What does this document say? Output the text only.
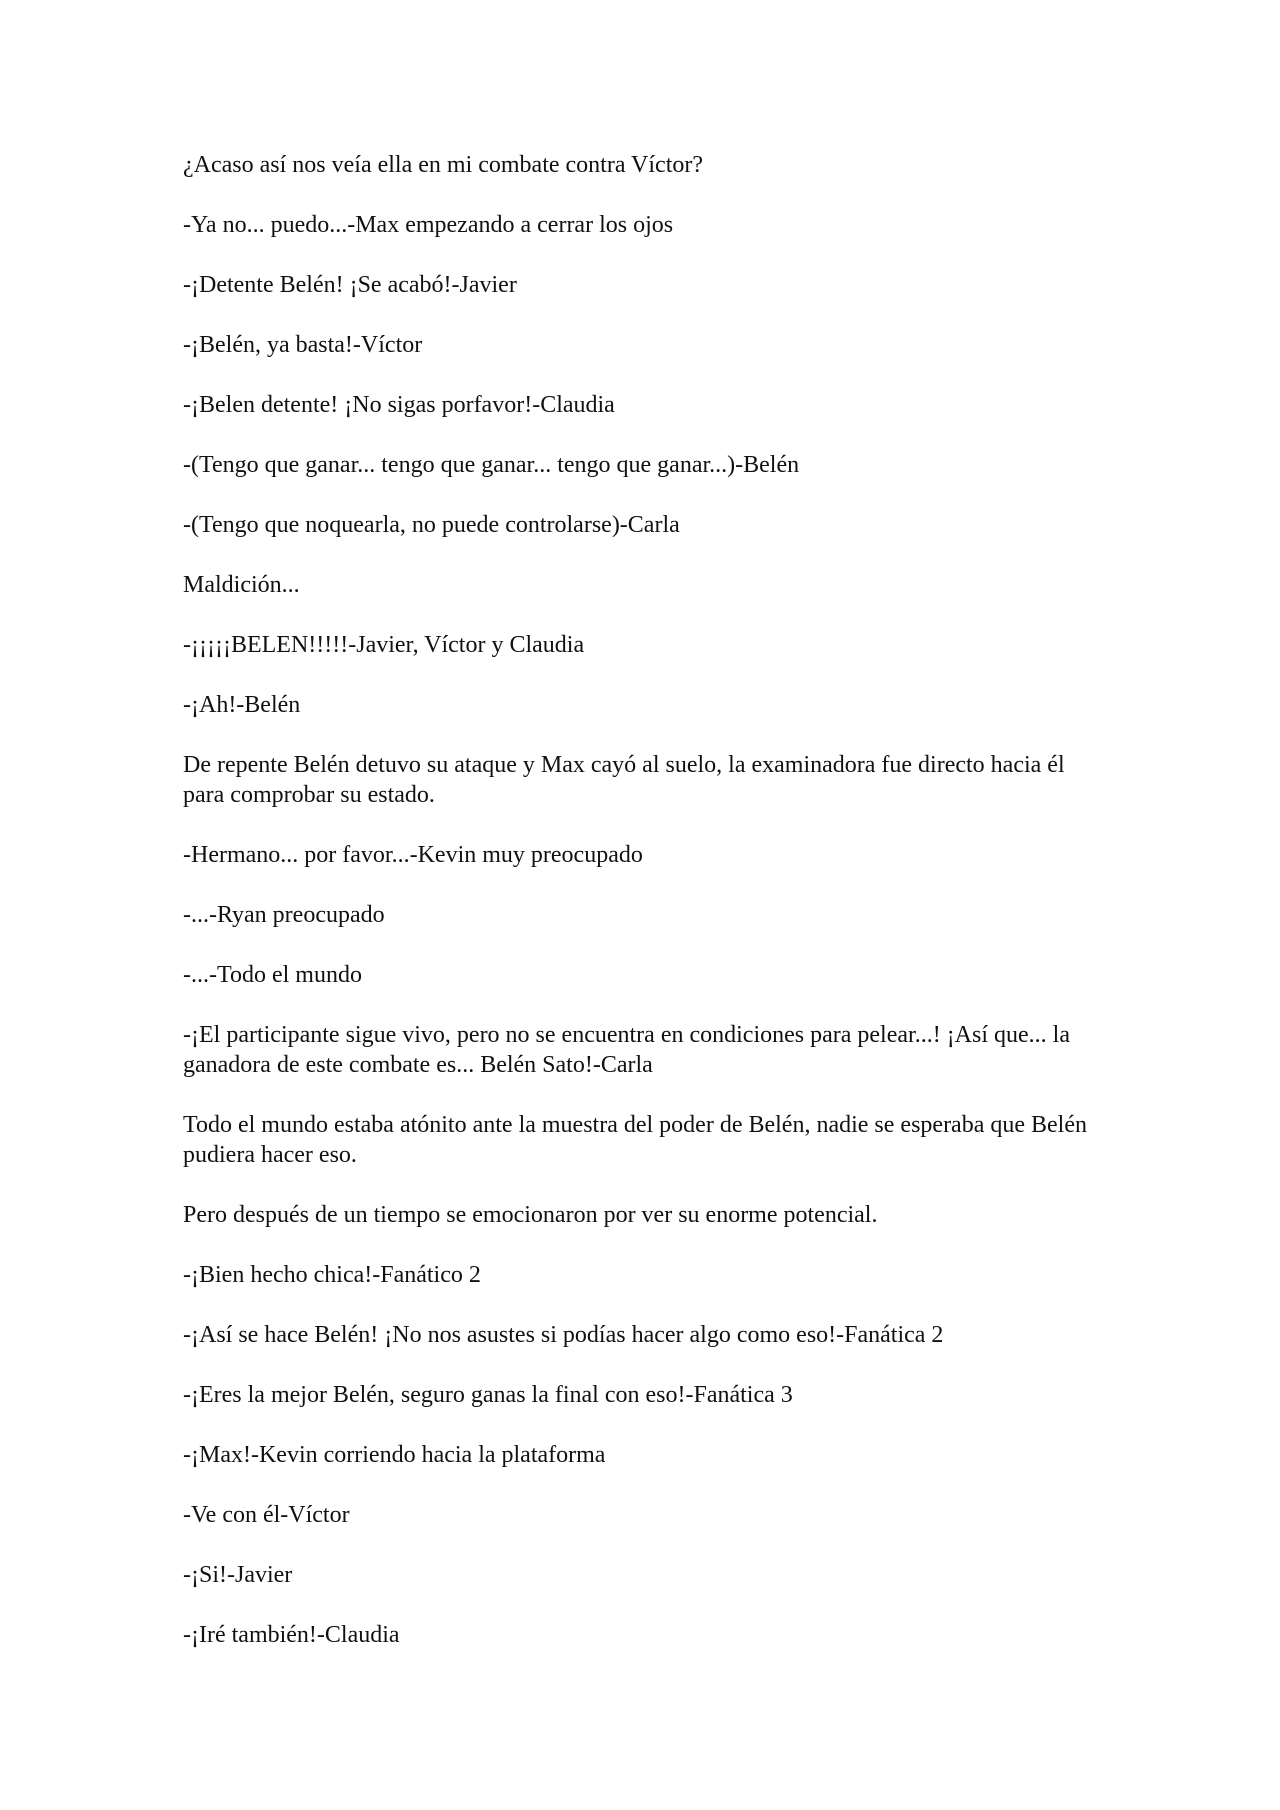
¿Acaso así nos veía ella en mi combate contra Víctor?

-Ya no... puedo...-Max empezando a cerrar los ojos

-¡Detente Belén! ¡Se acabó!-Javier

-¡Belén, ya basta!-Víctor

-¡Belen detente! ¡No sigas porfavor!-Claudia

-(Tengo que ganar... tengo que ganar... tengo que ganar...)-Belén

-(Tengo que noquearla, no puede controlarse)-Carla

Maldición...

-¡¡¡¡¡BELEN!!!!!-Javier, Víctor y Claudia

-¡Ah!-Belén

De repente Belén detuvo su ataque y Max cayó al suelo, la examinadora fue directo hacia él para comprobar su estado.

-Hermano... por favor...-Kevin muy preocupado

-...-Ryan preocupado

-...-Todo el mundo

-¡El participante sigue vivo, pero no se encuentra en condiciones para pelear...! ¡Así que... la ganadora de este combate es... Belén Sato!-Carla

Todo el mundo estaba atónito ante la muestra del poder de Belén, nadie se esperaba que Belén pudiera hacer eso.

Pero después de un tiempo se emocionaron por ver su enorme potencial.

-¡Bien hecho chica!-Fanático 2

-¡Así se hace Belén! ¡No nos asustes si podías hacer algo como eso!-Fanática 2

-¡Eres la mejor Belén, seguro ganas la final con eso!-Fanática 3

-¡Max!-Kevin corriendo hacia la plataforma

-Ve con él-Víctor

-¡Si!-Javier

-¡Iré también!-Claudia
